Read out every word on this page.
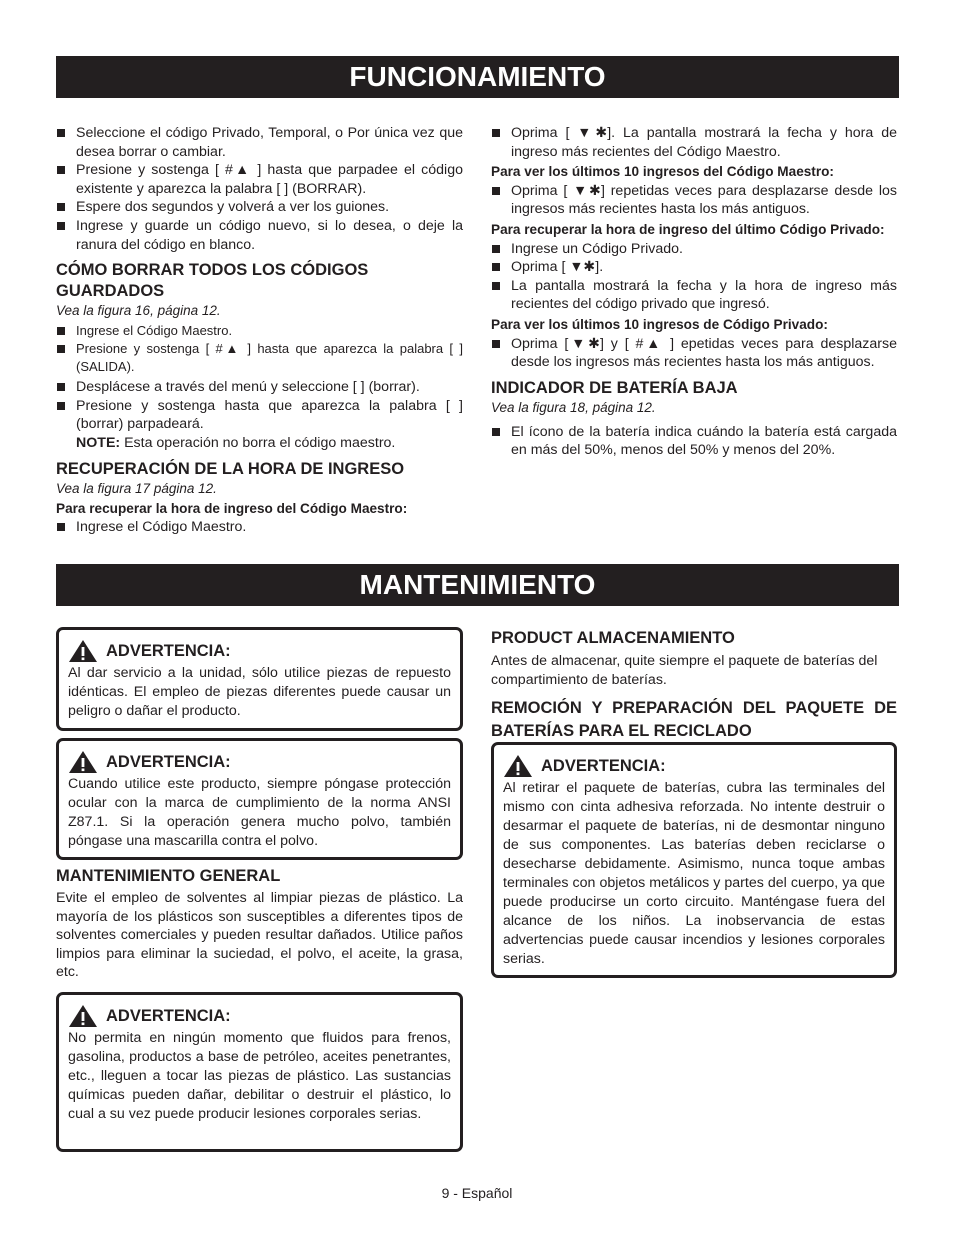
FUNCIONAMIENTO
Seleccione el código Privado, Temporal, o Por única vez que desea borrar o cambiar.
Presione y sostenga [ #▲ ] hasta que parpadee el código existente y aparezca la palabra [ ] (BORRAR).
Espere dos segundos y volverá a ver los guiones.
Ingrese y guarde un código nuevo, si lo desea, o deje la ranura del código en blanco.
CÓMO BORRAR TODOS LOS CÓDIGOS GUARDADOS
Vea la figura 16, página 12.
Ingrese el Código Maestro.
Presione y sostenga [ #▲ ] hasta que aparezca la palabra [ ] (SALIDA).
Desplácese a través del menú y seleccione [ ] (borrar).
Presione y sostenga hasta que aparezca la palabra [ ] (borrar) parpadeará.
NOTE: Esta operación no borra el código maestro.
RECUPERACIÓN DE LA HORA DE INGRESO
Vea la figura 17 página 12.
Para recuperar la hora de ingreso del Código Maestro:
Ingrese el Código Maestro.
Oprima [ ▼✱]. La pantalla mostrará la fecha y hora de ingreso más recientes del Código Maestro.
Para ver los últimos 10 ingresos del Código Maestro:
Oprima [ ▼✱] repetidas veces para desplazarse desde los ingresos más recientes hasta los más antiguos.
Para recuperar la hora de ingreso del último Código Privado:
Ingrese un Código Privado.
Oprima [ ▼✱].
La pantalla mostrará la fecha y la hora de ingreso más recientes del código privado que ingresó.
Para ver los últimos 10 ingresos de Código Privado:
Oprima [▼✱] y [ #▲ ] epetidas veces para desplazarse desde los ingresos más recientes hasta los más antiguos.
INDICADOR DE BATERÍA BAJA
Vea la figura 18, página 12.
El ícono de la batería indica cuándo la batería está cargada en más del 50%, menos del 50% y menos del 20%.
MANTENIMIENTO
ADVERTENCIA:
Al dar servicio a la unidad, sólo utilice piezas de repuesto idénticas. El empleo de piezas diferentes puede causar un peligro o dañar el producto.
ADVERTENCIA:
Cuando utilice este producto, siempre póngase protección ocular con la marca de cumplimiento de la norma ANSI Z87.1. Si la operación genera mucho polvo, también póngase una mascarilla contra el polvo.
MANTENIMIENTO GENERAL
Evite el empleo de solventes al limpiar piezas de plástico. La mayoría de los plásticos son susceptibles a diferentes tipos de solventes comerciales y pueden resultar dañados. Utilice paños limpios para eliminar la suciedad, el polvo, el aceite, la grasa, etc.
ADVERTENCIA:
No permita en ningún momento que fluidos para frenos, gasolina, productos a base de petróleo, aceites penetrantes, etc., lleguen a tocar las piezas de plástico. Las sustancias químicas pueden dañar, debilitar o destruir el plástico, lo cual a su vez puede producir lesiones corporales serias.
PRODUCT ALMACENAMIENTO
Antes de almacenar, quite siempre el paquete de baterías del compartimiento de baterías.
REMOCIÓN Y PREPARACIÓN DEL PAQUETE DE BATERÍAS PARA EL RECICLADO
ADVERTENCIA:
Al retirar el paquete de baterías, cubra las terminales del mismo con cinta adhesiva reforzada. No intente destruir o desarmar el paquete de baterías, ni de desmontar ninguno de sus componentes. Las baterías deben reciclarse o desecharse debidamente. Asimismo, nunca toque ambas terminales con objetos metálicos y partes del cuerpo, ya que puede producirse un corto circuito. Manténgase fuera del alcance de los niños. La inobservancia de estas advertencias puede causar incendios y lesiones corporales serias.
9 - Español
